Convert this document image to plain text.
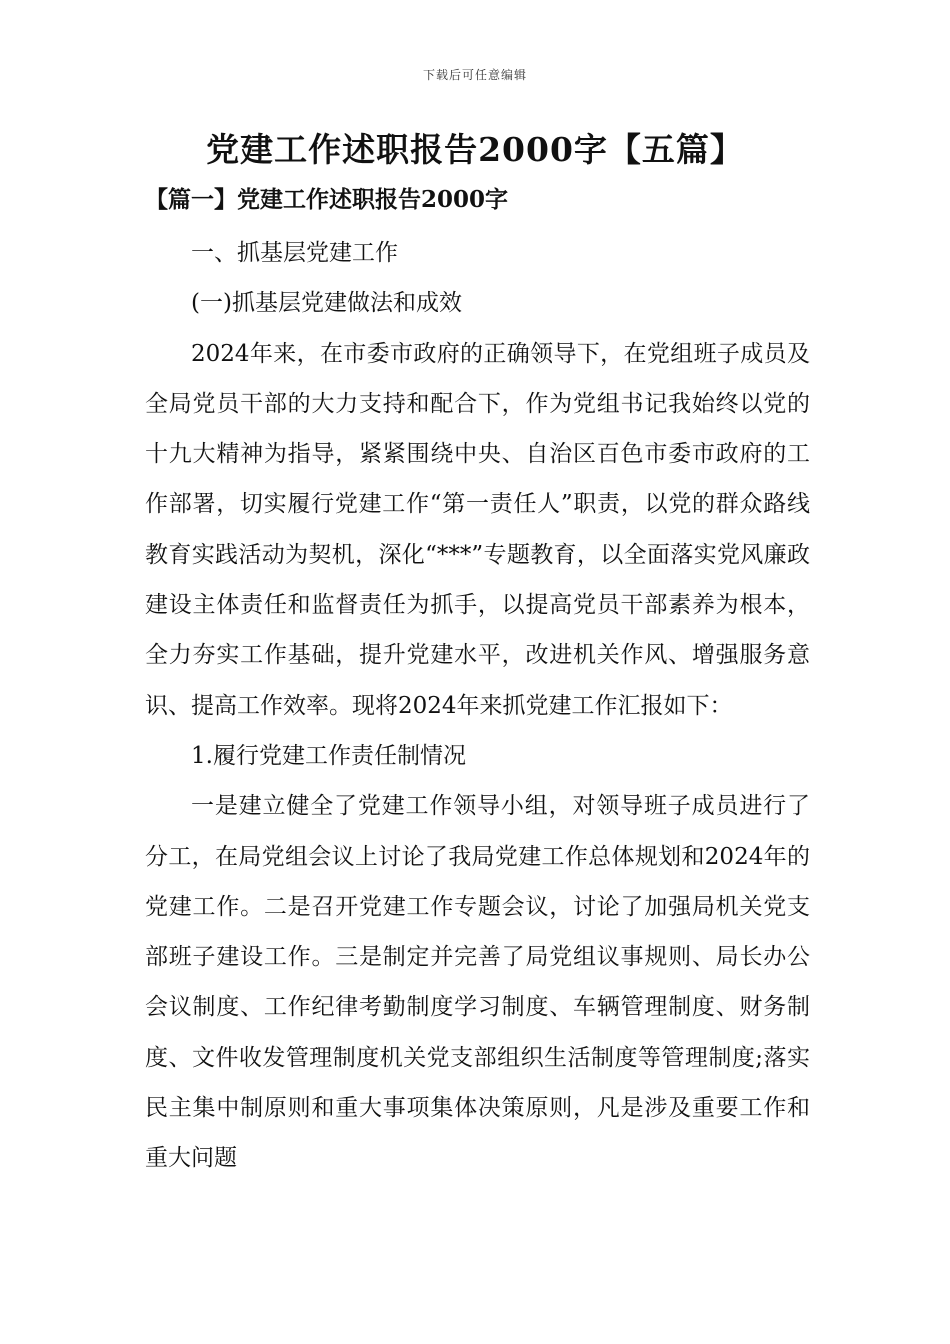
下载后可任意编辑
党建工作述职报告2000字【五篇】
【篇一】党建工作述职报告2000字

一、抓基层党建工作

(一)抓基层党建做法和成效

2024年来，在市委市政府的正确领导下，在党组班子成员及全局党员干部的大力支持和配合下，作为党组书记我始终以党的十九大精神为指导，紧紧围绕中央、自治区百色市委市政府的工作部署，切实履行党建工作“第一责任人”职责，以党的群众路线教育实践活动为契机，深化“***”专题教育，以全面落实党风廉政建设主体责任和监督责任为抓手，以提高党员干部素养为根本，全力夯实工作基础，提升党建水平，改进机关作风、增强服务意识、提高工作效率。现将2024年来抓党建工作汇报如下：

1.履行党建工作责任制情况

一是建立健全了党建工作领导小组，对领导班子成员进行了分工，在局党组会议上讨论了我局党建工作总体规划和2024年的党建工作。二是召开党建工作专题会议，讨论了加强局机关党支部班子建设工作。三是制定并完善了局党组议事规则、局长办公会议制度、工作纪律考勤制度学习制度、车辆管理制度、财务制度、文件收发管理制度机关党支部组织生活制度等管理制度;落实民主集中制原则和重大事项集体决策原则，凡是涉及重要工作和重大问题
